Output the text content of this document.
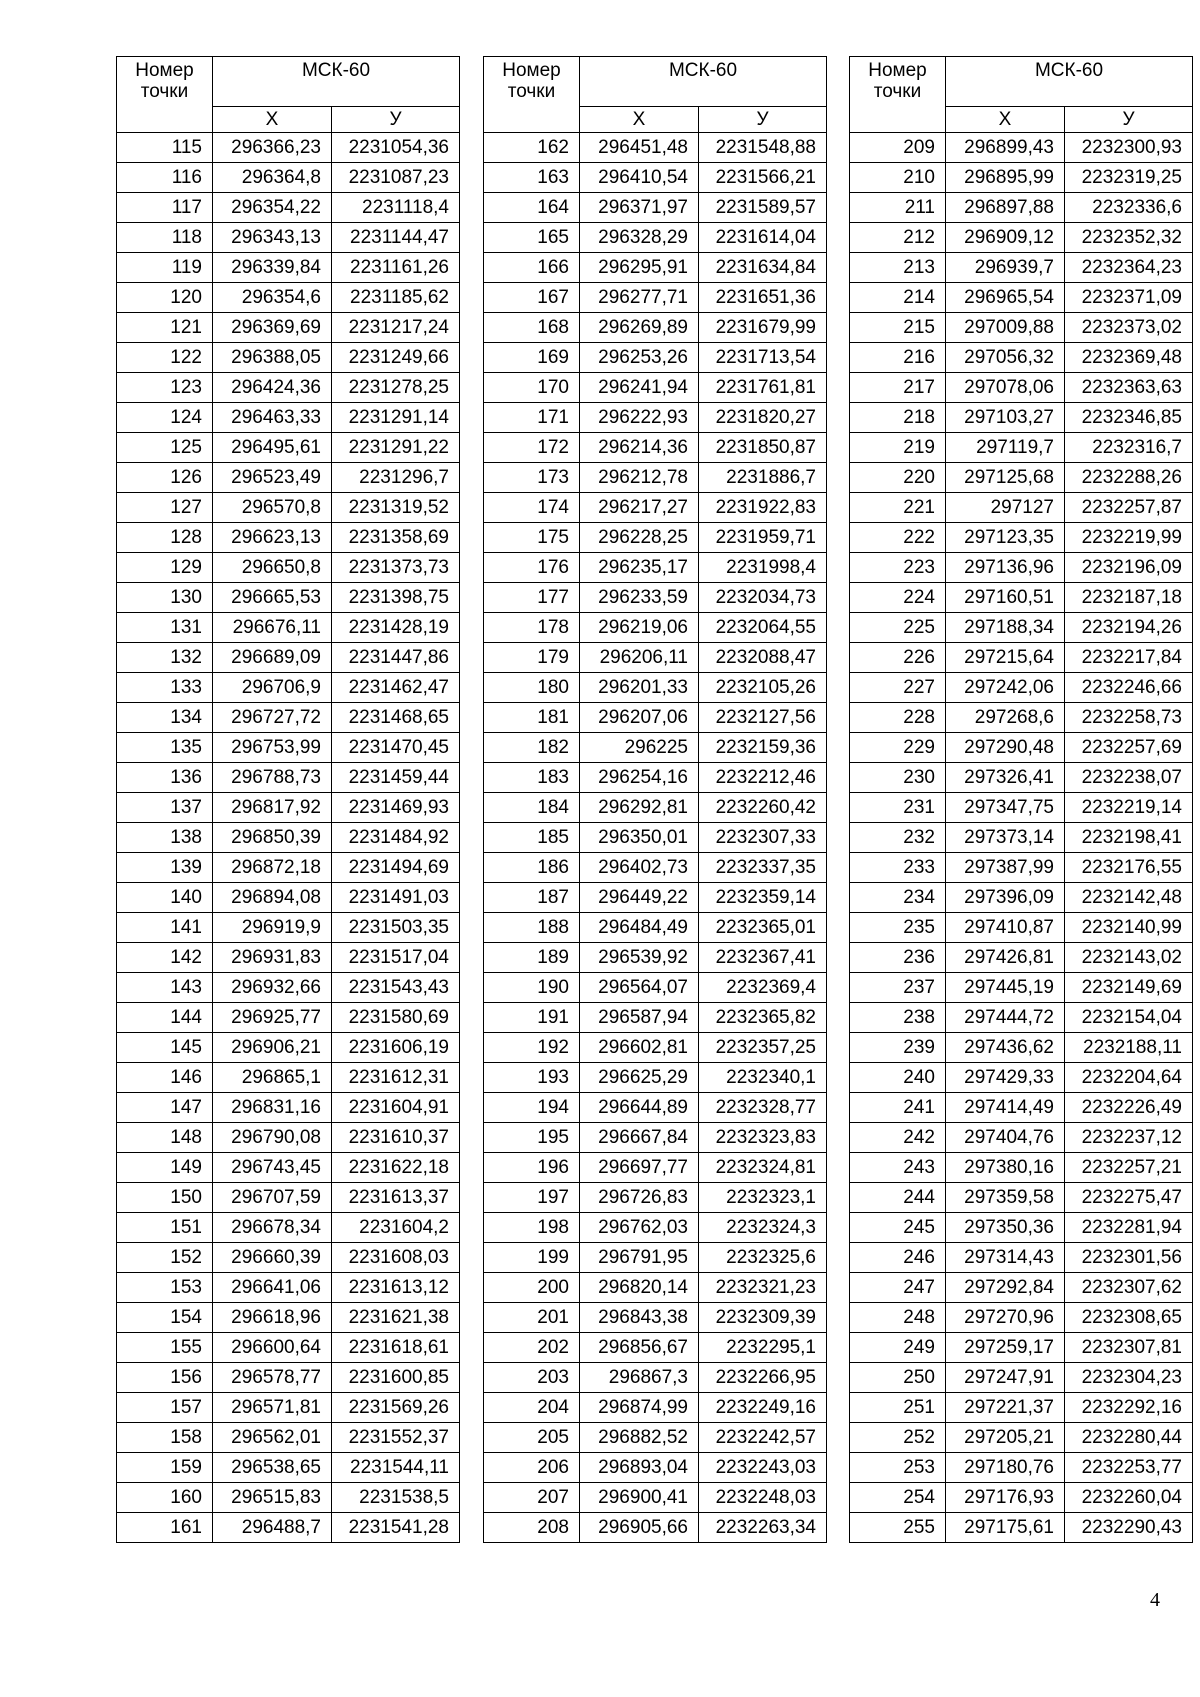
Номер точки	МСК-60	
	Х	У
115	296366,23	2231054,36
116	296364,8	2231087,23
117	296354,22	2231118,4
118	296343,13	2231144,47
119	296339,84	2231161,26
120	296354,6	2231185,62
121	296369,69	2231217,24
122	296388,05	2231249,66
123	296424,36	2231278,25
124	296463,33	2231291,14
125	296495,61	2231291,22
126	296523,49	2231296,7
127	296570,8	2231319,52
128	296623,13	2231358,69
129	296650,8	2231373,73
130	296665,53	2231398,75
131	296676,11	2231428,19
132	296689,09	2231447,86
133	296706,9	2231462,47
134	296727,72	2231468,65
135	296753,99	2231470,45
136	296788,73	2231459,44
137	296817,92	2231469,93
138	296850,39	2231484,92
139	296872,18	2231494,69
140	296894,08	2231491,03
141	296919,9	2231503,35
142	296931,83	2231517,04
143	296932,66	2231543,43
144	296925,77	2231580,69
145	296906,21	2231606,19
146	296865,1	2231612,31
147	296831,16	2231604,91
148	296790,08	2231610,37
149	296743,45	2231622,18
150	296707,59	2231613,37
151	296678,34	2231604,2
152	296660,39	2231608,03
153	296641,06	2231613,12
154	296618,96	2231621,38
155	296600,64	2231618,61
156	296578,77	2231600,85
157	296571,81	2231569,26
158	296562,01	2231552,37
159	296538,65	2231544,11
160	296515,83	2231538,5
161	296488,7	2231541,28
Номер точки	МСК-60	
	Х	У
162	296451,48	2231548,88
163	296410,54	2231566,21
164	296371,97	2231589,57
165	296328,29	2231614,04
166	296295,91	2231634,84
167	296277,71	2231651,36
168	296269,89	2231679,99
169	296253,26	2231713,54
170	296241,94	2231761,81
171	296222,93	2231820,27
172	296214,36	2231850,87
173	296212,78	2231886,7
174	296217,27	2231922,83
175	296228,25	2231959,71
176	296235,17	2231998,4
177	296233,59	2232034,73
178	296219,06	2232064,55
179	296206,11	2232088,47
180	296201,33	2232105,26
181	296207,06	2232127,56
182	296225	2232159,36
183	296254,16	2232212,46
184	296292,81	2232260,42
185	296350,01	2232307,33
186	296402,73	2232337,35
187	296449,22	2232359,14
188	296484,49	2232365,01
189	296539,92	2232367,41
190	296564,07	2232369,4
191	296587,94	2232365,82
192	296602,81	2232357,25
193	296625,29	2232340,1
194	296644,89	2232328,77
195	296667,84	2232323,83
196	296697,77	2232324,81
197	296726,83	2232323,1
198	296762,03	2232324,3
199	296791,95	2232325,6
200	296820,14	2232321,23
201	296843,38	2232309,39
202	296856,67	2232295,1
203	296867,3	2232266,95
204	296874,99	2232249,16
205	296882,52	2232242,57
206	296893,04	2232243,03
207	296900,41	2232248,03
208	296905,66	2232263,34
Номер точки	МСК-60	
	Х	У
209	296899,43	2232300,93
210	296895,99	2232319,25
211	296897,88	2232336,6
212	296909,12	2232352,32
213	296939,7	2232364,23
214	296965,54	2232371,09
215	297009,88	2232373,02
216	297056,32	2232369,48
217	297078,06	2232363,63
218	297103,27	2232346,85
219	297119,7	2232316,7
220	297125,68	2232288,26
221	297127	2232257,87
222	297123,35	2232219,99
223	297136,96	2232196,09
224	297160,51	2232187,18
225	297188,34	2232194,26
226	297215,64	2232217,84
227	297242,06	2232246,66
228	297268,6	2232258,73
229	297290,48	2232257,69
230	297326,41	2232238,07
231	297347,75	2232219,14
232	297373,14	2232198,41
233	297387,99	2232176,55
234	297396,09	2232142,48
235	297410,87	2232140,99
236	297426,81	2232143,02
237	297445,19	2232149,69
238	297444,72	2232154,04
239	297436,62	2232188,11
240	297429,33	2232204,64
241	297414,49	2232226,49
242	297404,76	2232237,12
243	297380,16	2232257,21
244	297359,58	2232275,47
245	297350,36	2232281,94
246	297314,43	2232301,56
247	297292,84	2232307,62
248	297270,96	2232308,65
249	297259,17	2232307,81
250	297247,91	2232304,23
251	297221,37	2232292,16
252	297205,21	2232280,44
253	297180,76	2232253,77
254	297176,93	2232260,04
255	297175,61	2232290,43
4
